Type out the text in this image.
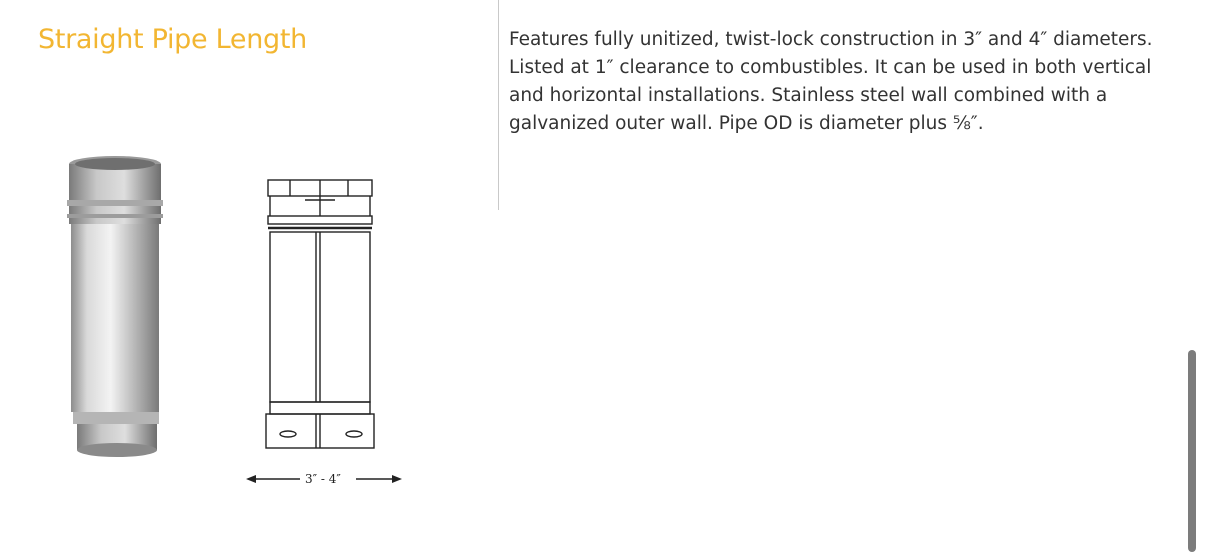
Straight Pipe Length
3″ - 4″

Features fully unitized, twist-lock construction in 3″ and 4″ diameters. Listed at 1″ clearance to combustibles. It can be used in both vertical and horizontal installations. Stainless steel wall combined with a galvanized outer wall. Pipe OD is diameter plus ⅝″.
